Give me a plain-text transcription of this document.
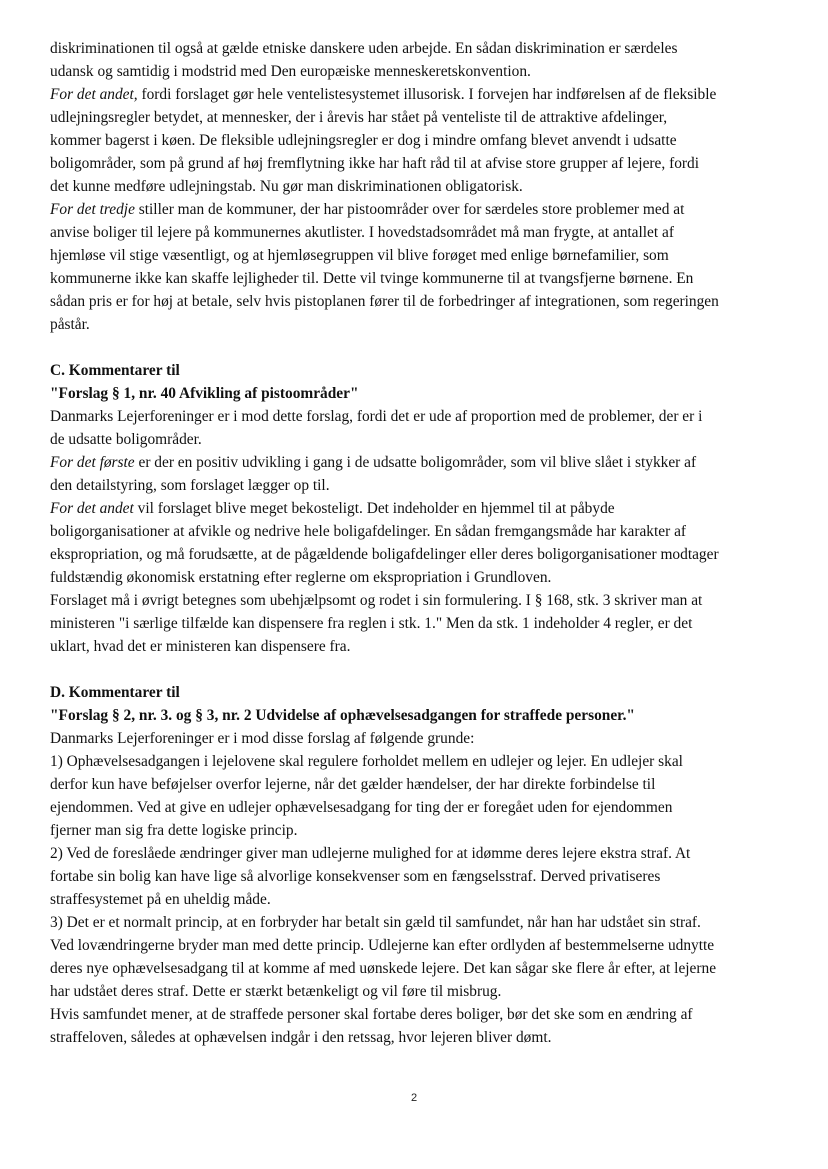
diskriminationen til også at gælde etniske danskere uden arbejde. En sådan diskrimination er særdeles
udansk og samtidig i modstrid med Den europæiske menneskeretskonvention.
For det andet, fordi forslaget gør hele ventelistesystemet illusorisk. I forvejen har indførelsen af de fleksible
udlejningsregler betydet, at mennesker, der i årevis har stået på venteliste til de attraktive afdelinger,
kommer bagerst i køen. De fleksible udlejningsregler er dog i mindre omfang blevet anvendt i udsatte
boligområder, som på grund af høj fremflytning ikke har haft råd til at afvise store grupper af lejere, fordi
det kunne medføre udlejningstab. Nu gør man diskriminationen obligatorisk.
For det tredje stiller man de kommuner, der har pistoområder over for særdeles store problemer med at
anvise boliger til lejere på kommunernes akutlister. I hovedstadsområdet må man frygte, at antallet af
hjemløse vil stige væsentligt, og at hjemløsegruppen vil blive forøget med enlige børnefamilier, som
kommunerne ikke kan skaffe lejligheder til. Dette vil tvinge kommunerne til at tvangsfjerne børnene. En
sådan pris er for høj at betale, selv hvis pistoplanen fører til de forbedringer af integrationen, som regeringen
påstår.
C. Kommentarer til
"Forslag § 1, nr. 40 Afvikling af pistoområder"
Danmarks Lejerforeninger er i mod dette forslag, fordi det er ude af proportion med de problemer, der er i
de udsatte boligområder.
For det første er der en positiv udvikling i gang i de udsatte boligområder, som vil blive slået i stykker af
den detailstyring, som forslaget lægger op til.
For det andet vil forslaget blive meget bekosteligt. Det indeholder en hjemmel til at påbyde
boligorganisationer at afvikle og nedrive hele boligafdelinger. En sådan fremgangsmåde har karakter af
ekspropriation, og må forudsætte, at de pågældende boligafdelinger eller deres boligorganisationer modtager
fuldstændig økonomisk erstatning efter reglerne om ekspropriation i Grundloven.
Forslaget må i øvrigt betegnes som ubehjælpsomt og rodet i sin formulering. I § 168, stk. 3 skriver man at
ministeren "i særlige tilfælde kan dispensere fra reglen i stk. 1." Men da stk. 1 indeholder 4 regler, er det
uklart, hvad det er ministeren kan dispensere fra.
D. Kommentarer til
"Forslag § 2, nr. 3. og § 3, nr. 2 Udvidelse af ophævelsesadgangen for straffede personer."
Danmarks Lejerforeninger er i mod disse forslag af følgende grunde:
1) Ophævelsesadgangen i lejelovene skal regulere forholdet mellem en udlejer og lejer. En udlejer skal
derfor kun have beføjelser overfor lejerne, når det gælder hændelser, der har direkte forbindelse til
ejendommen. Ved at give en udlejer ophævelsesadgang for ting der er foregået uden for ejendommen
fjerner man sig fra dette logiske princip.
2) Ved de foreslåede ændringer giver man udlejerne mulighed for at idømme deres lejere ekstra straf. At
fortabe sin bolig kan have lige så alvorlige konsekvenser som en fængselsstraf. Derved privatiseres
straffesystemet på en uheldig måde.
3) Det er et normalt princip, at en forbryder har betalt sin gæld til samfundet, når han har udstået sin straf.
Ved lovændringerne bryder man med dette princip. Udlejerne kan efter ordlyden af bestemmelserne udnytte
deres nye ophævelsesadgang til at komme af med uønskede lejere. Det kan sågar ske flere år efter, at lejerne
har udstået deres straf. Dette er stærkt betænkeligt og vil føre til misbrug.
Hvis samfundet mener, at de straffede personer skal fortabe deres boliger, bør det ske som en ændring af
straffeloven, således at ophævelsen indgår i den retssag, hvor lejeren bliver dømt.
2
